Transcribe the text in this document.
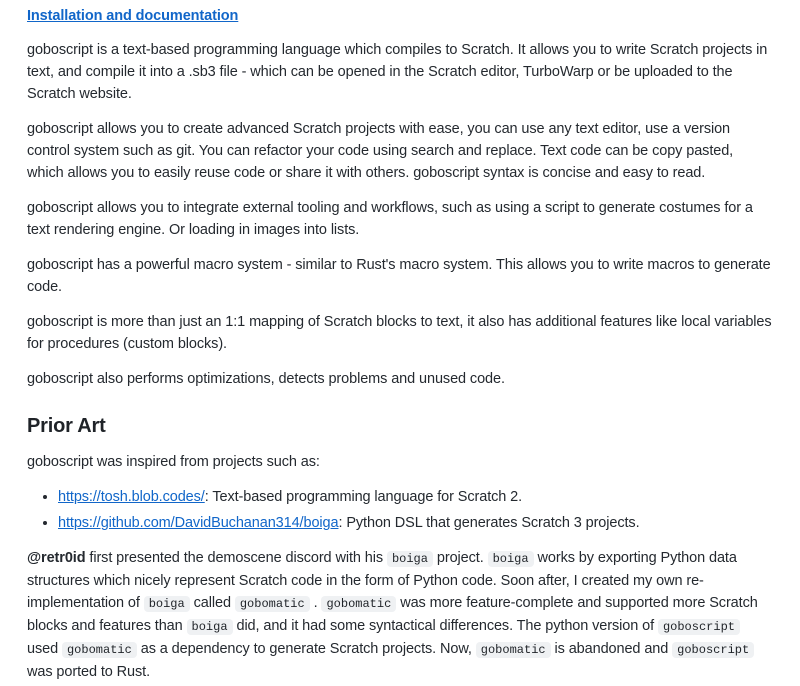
Installation and documentation

goboscript is a text-based programming language which compiles to Scratch. It allows you to write Scratch projects in text, and compile it into a .sb3 file - which can be opened in the Scratch editor, TurboWarp or be uploaded to the Scratch website.

goboscript allows you to create advanced Scratch projects with ease, you can use any text editor, use a version control system such as git. You can refactor your code using search and replace. Text code can be copy pasted, which allows you to easily reuse code or share it with others. goboscript syntax is concise and easy to read.

goboscript allows you to integrate external tooling and workflows, such as using a script to generate costumes for a text rendering engine. Or loading in images into lists.

goboscript has a powerful macro system - similar to Rust's macro system. This allows you to write macros to generate code.

goboscript is more than just an 1:1 mapping of Scratch blocks to text, it also has additional features like local variables for procedures (custom blocks).

goboscript also performs optimizations, detects problems and unused code.

Prior Art

goboscript was inspired from projects such as:

• https://tosh.blob.codes/: Text-based programming language for Scratch 2.
• https://github.com/DavidBuchanan314/boiga: Python DSL that generates Scratch 3 projects.

@retr0id first presented the demoscene discord with his boiga project. boiga works by exporting Python data structures which nicely represent Scratch code in the form of Python code. Soon after, I created my own re-implementation of boiga called gobomatic . gobomatic was more feature-complete and supported more Scratch blocks and features than boiga did, and it had some syntactical differences. The python version of goboscript used gobomatic as a dependency to generate Scratch projects. Now, gobomatic is abandoned and goboscript was ported to Rust.
